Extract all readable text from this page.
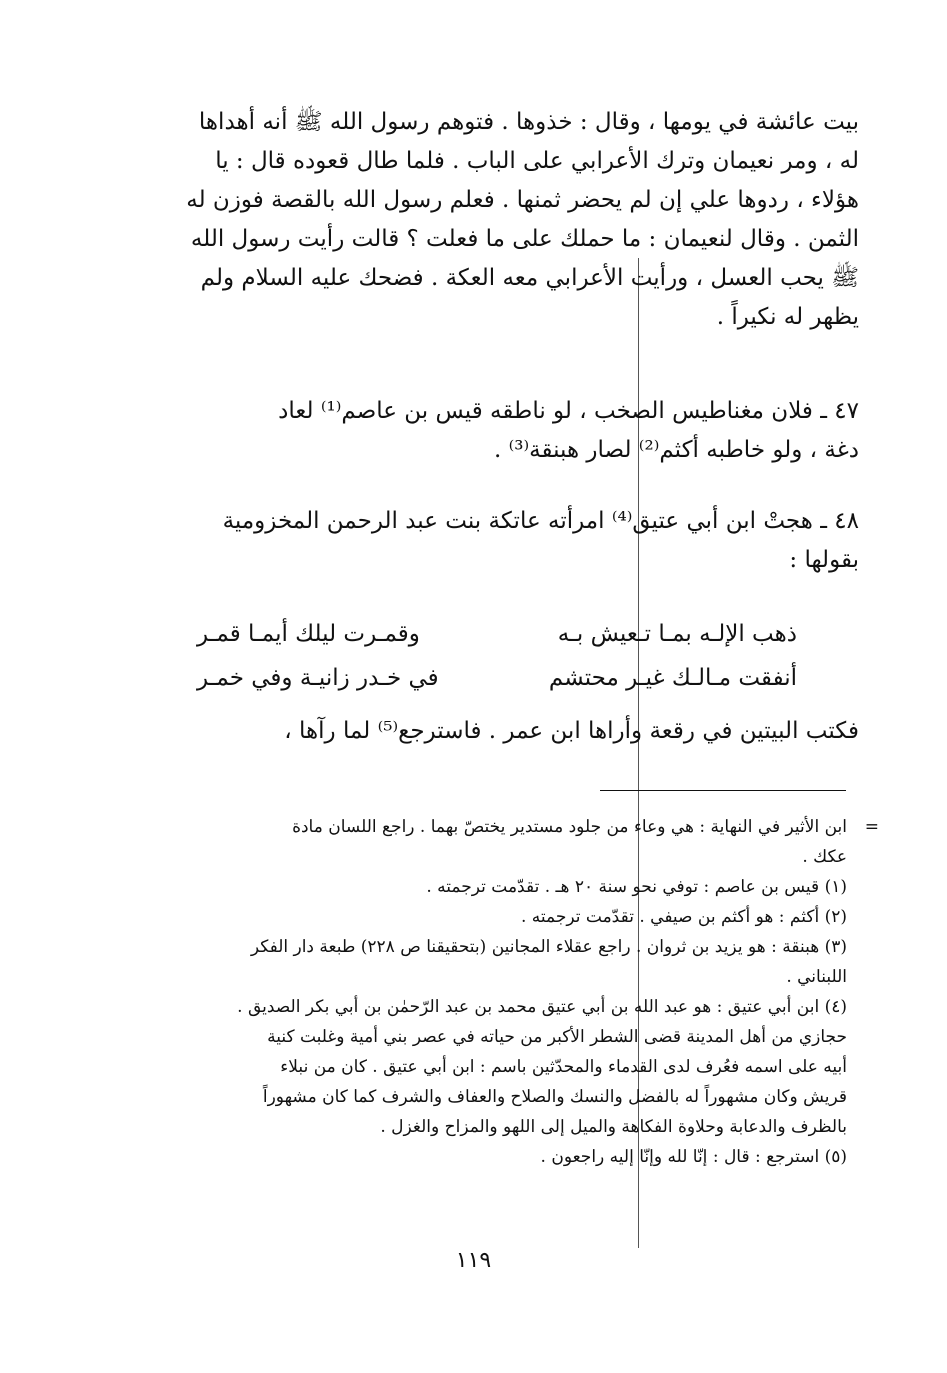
بيت عائشة في يومها ، وقال : خذوها . فتوهم رسول الله ﷺ أنه أهداها
له ، ومر نعيمان وترك الأعرابي على الباب . فلما طال قعوده قال : يا
هؤلاء ، ردوها علي إن لم يحضر ثمنها . فعلم رسول الله بالقصة فوزن له
الثمن . وقال لنعيمان : ما حملك على ما فعلت ؟ قالت رأيت رسول الله
ﷺ يحب العسل ، ورأيت الأعرابي معه العكة . فضحك عليه السلام ولم
يظهر له نكيراً .
٤٧ ـ فلان مغناطيس الصخب ، لو ناطقه قيس بن عاصم⁽¹⁾ لعاد
دغة ، ولو خاطبه أكثم⁽²⁾ لصار هبنقة⁽³⁾ .
٤٨ ـ هجتْ ابن أبي عتيق⁽⁴⁾ امرأته عاتكة بنت عبد الرحمن المخزومية
بقولها :
ذهب الإلـه بمـا تـعيش بـه
وقمـرت ليلك أيمـا قمـر
أنفقت مـالـك غيـر محتشم
في خـدر زانيـة وفي خمـر
فكتب البيتين في رقعة وأراها ابن عمر . فاسترجع⁽⁵⁾ لما رآها ،
=
ابن الأثير في النهاية : هي وعاء من جلود مستدير يختصّ بهما . راجع اللسان مادة
عكك .
(١) قيس بن عاصم : توفي نحو سنة ٢٠ هـ . تقدّمت ترجمته .
(٢) أكثم : هو أكثم بن صيفي . تقدّمت ترجمته .
(٣) هبنقة : هو يزيد بن ثروان . راجع عقلاء المجانين (بتحقيقنا ص ٢٢٨) طبعة دار الفكر
اللبناني .
(٤) ابن أبي عتيق : هو عبد الله بن أبي عتيق محمد بن عبد الرّحمٰن بن أبي بكر الصديق .
حجازي من أهل المدينة قضى الشطر الأكبر من حياته في عصر بني أمية وغلبت كنية
أبيه على اسمه فعُرف لدى القدماء والمحدّثين باسم : ابن أبي عتيق . كان من نبلاء
قريش وكان مشهوراً له بالفضل والنسك والصلاح والعفاف والشرف كما كان مشهوراً
بالظرف والدعابة وحلاوة الفكاهة والميل إلى اللهو والمزاح والغزل .
(٥) استرجع : قال : إنّا لله وإنّا إليه راجعون .
١١٩
